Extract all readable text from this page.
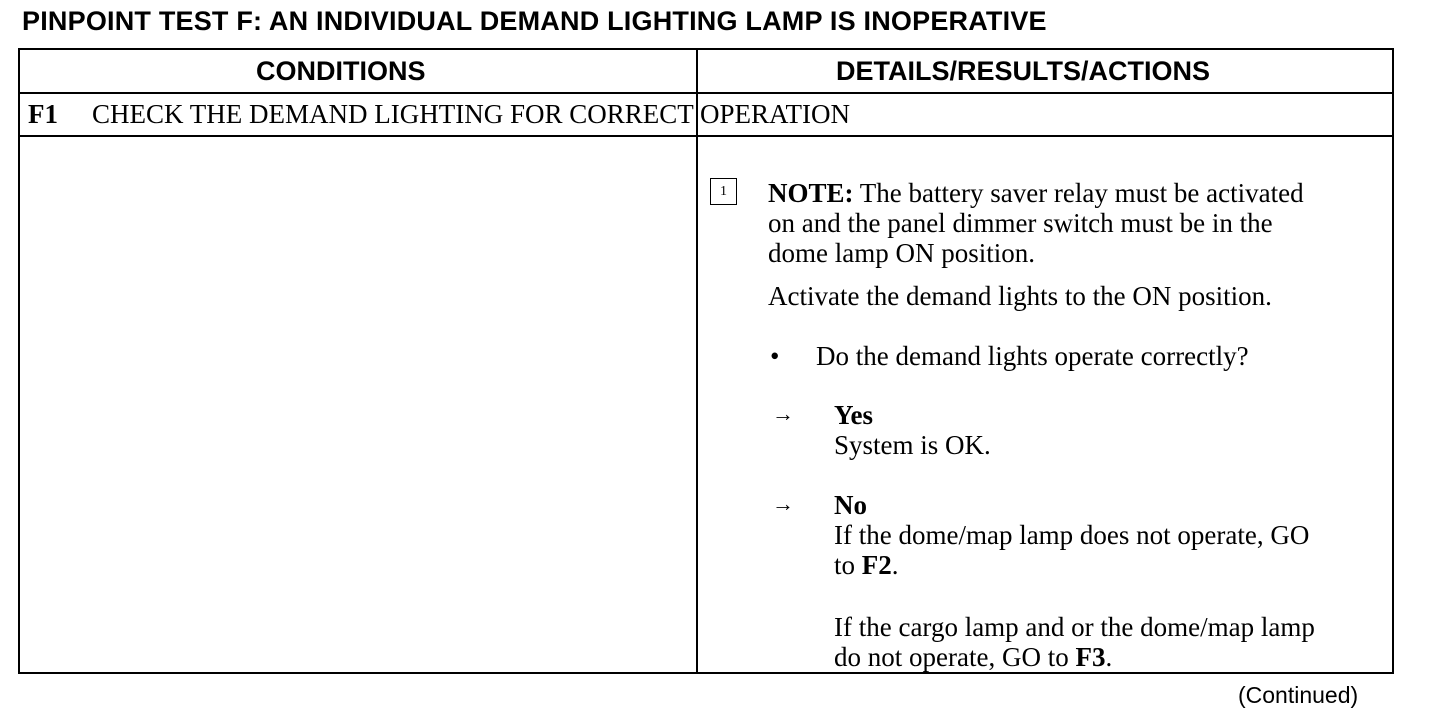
PINPOINT TEST F: AN INDIVIDUAL DEMAND LIGHTING LAMP IS INOPERATIVE
CONDITIONS	DETAILS/RESULTS/ACTIONS
F1 CHECK THE DEMAND LIGHTING FOR CORRECT OPERATION
1	NOTE: The battery saver relay must be activated
on and the panel dimmer switch must be in the
dome lamp ON position.
Activate the demand lights to the ON position.
• Do the demand lights operate correctly?
→ Yes
System is OK.
→ No
If the dome/map lamp does not operate, GO
to F2.
If the cargo lamp and or the dome/map lamp
do not operate, GO to F3.
(Continued)
